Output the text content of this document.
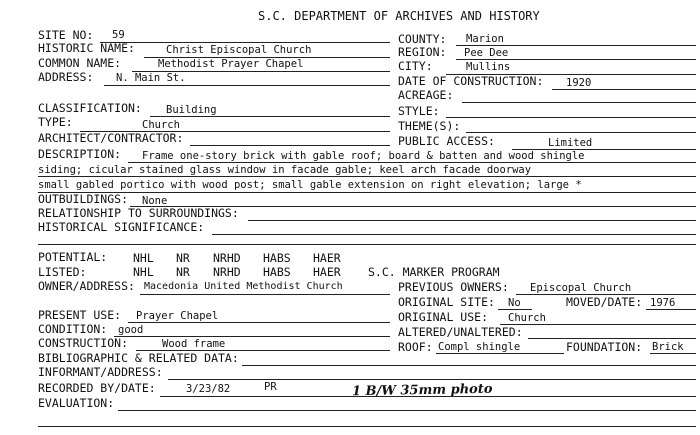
S.C. DEPARTMENT OF ARCHIVES AND HISTORY
SITE NO: 59	COUNTY: Marion
HISTORIC NAME:	Christ Episcopal Church	REGION: Pee Dee
COMMON NAME:	Methodist Prayer Chapel	CITY:	Mullins
ADDRESS: N. Main St.	DATE OF CONSTRUCTION: 1920
ACREAGE:
CLASSIFICATION: Building	STYLE:
TYPE:	Church	THEME(S):
ARCHITECT/CONTRACTOR:	PUBLIC ACCESS:	Limited
DESCRIPTION: Frame one-story brick with gable roof; board & batten and wood shingle
siding; cicular stained glass window in facade gable; keel arch facade doorway
small gabled portico with wood post; small gable extension on right elevation; large *
OUTBUILDINGS: None
RELATIONSHIP TO SURROUNDINGS:
HISTORICAL SIGNIFICANCE:
POTENTIAL: NHL NR NRHD HABS HAER
LISTED:	NHL NR NRHD HABS HAER S.C. MARKER PROGRAM
OWNER/ADDRESS: Macedonia United Methodist Church	PREVIOUS OWNERS: Episcopal Church
ORIGINAL SITE: No	MOVED/DATE: 1976
PRESENT USE: Prayer Chapel	ORIGINAL USE: Church
CONDITION: good	ALTERED/UNALTERED:
CONSTRUCTION:	Wood frame	ROOF: Compl shingle	FOUNDATION: Brick
BIBLIOGRAPHIC & RELATED DATA:
INFORMANT/ADDRESS:
RECORDED BY/DATE:	3/23/82	PR	1 B/W 35mm photo
EVALUATION:
